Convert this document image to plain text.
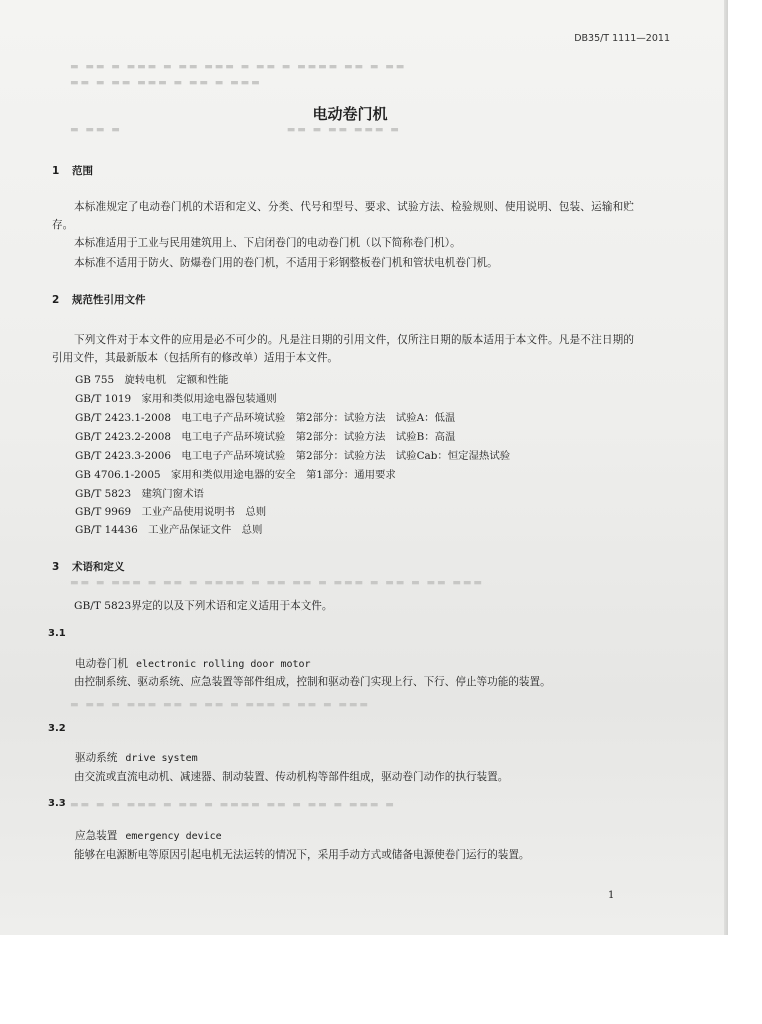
▬ ▬▬ ▬ ▬▬▬ ▬ ▬▬ ▬▬▬ ▬ ▬▬ ▬ ▬▬▬▬ ▬▬ ▬ ▬▬
▬▬ ▬ ▬▬ ▬▬▬ ▬ ▬▬ ▬ ▬▬▬
▬ ▬▬ ▬　　　　　　　　　　　　　　　▬▬ ▬ ▬▬ ▬▬▬ ▬
▬▬ ▬ ▬▬▬ ▬ ▬▬ ▬ ▬▬▬▬ ▬ ▬▬ ▬▬ ▬ ▬▬▬ ▬ ▬▬ ▬ ▬▬ ▬▬▬
▬ ▬▬ ▬ ▬▬▬ ▬▬ ▬ ▬▬ ▬ ▬▬▬ ▬ ▬▬ ▬ ▬▬▬
▬▬ ▬ ▬ ▬▬▬ ▬ ▬▬ ▬ ▬▬▬▬ ▬▬ ▬ ▬▬ ▬ ▬▬▬ ▬
DB35/T 1111—2011
电动卷门机
1 范围
本标准规定了电动卷门机的术语和定义、分类、代号和型号、要求、试验方法、检验规则、使用说明、包装、运输和贮存。
本标准适用于工业与民用建筑用上、下启闭卷门的电动卷门机（以下简称卷门机）。
本标准不适用于防火、防爆卷门用的卷门机，不适用于彩钢整板卷门机和管状电机卷门机。
2 规范性引用文件
下列文件对于本文件的应用是必不可少的。凡是注日期的引用文件，仅所注日期的版本适用于本文件。凡是不注日期的引用文件，其最新版本（包括所有的修改单）适用于本文件。
GB 755　旋转电机　定额和性能
GB/T 1019　家用和类似用途电器包装通则
GB/T 2423.1-2008　电工电子产品环境试验　第2部分：试验方法　试验A：低温
GB/T 2423.2-2008　电工电子产品环境试验　第2部分：试验方法　试验B：高温
GB/T 2423.3-2006　电工电子产品环境试验　第2部分：试验方法　试验Cab：恒定湿热试验
GB 4706.1-2005　家用和类似用途电器的安全　第1部分：通用要求
GB/T 5823　建筑门窗术语
GB/T 9969　工业产品使用说明书　总则
GB/T 14436　工业产品保证文件　总则
3 术语和定义
GB/T 5823界定的以及下列术语和定义适用于本文件。
3.1
电动卷门机 electronic rolling door motor
由控制系统、驱动系统、应急装置等部件组成，控制和驱动卷门实现上行、下行、停止等功能的装置。
3.2
驱动系统 drive system
由交流或直流电动机、减速器、制动装置、传动机构等部件组成，驱动卷门动作的执行装置。
3.3
应急装置 emergency device
能够在电源断电等原因引起电机无法运转的情况下，采用手动方式或储备电源使卷门运行的装置。
1
